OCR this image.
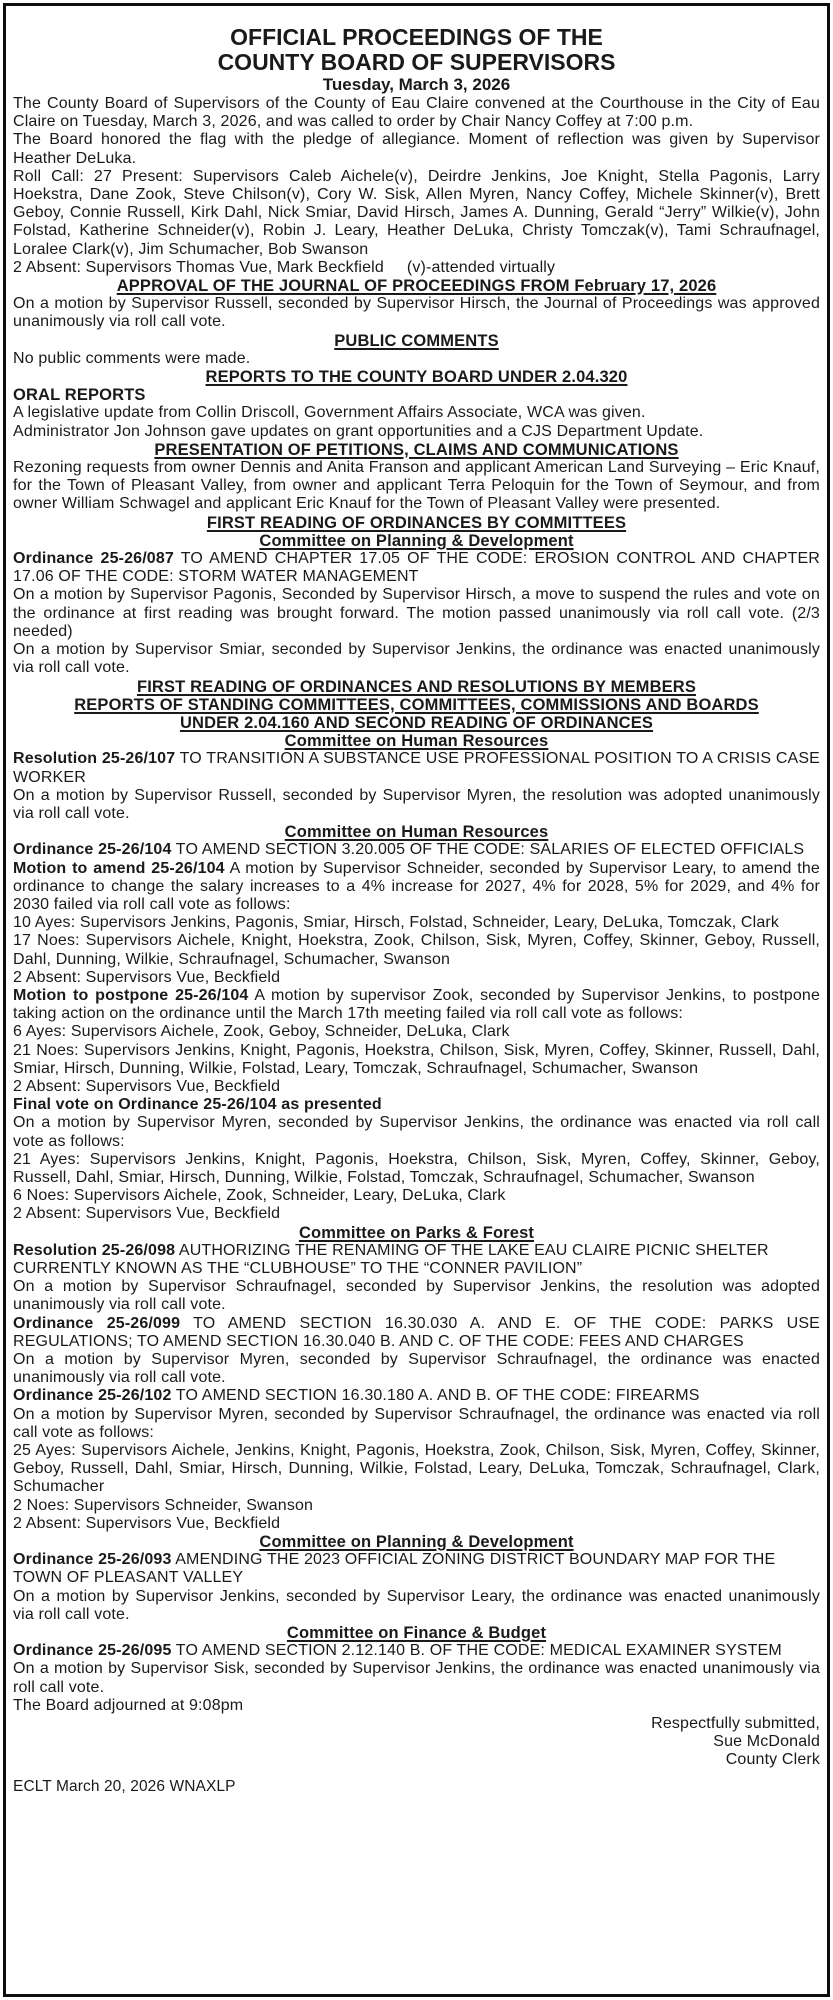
OFFICIAL PROCEEDINGS OF THE
COUNTY BOARD OF SUPERVISORS
Tuesday, March 3, 2026
The County Board of Supervisors of the County of Eau Claire convened at the Courthouse in the City of Eau Claire on Tuesday, March 3, 2026, and was called to order by Chair Nancy Coffey at 7:00 p.m.
The Board honored the flag with the pledge of allegiance. Moment of reflection was given by Supervisor Heather DeLuka.
Roll Call: 27 Present: Supervisors Caleb Aichele(v), Deirdre Jenkins, Joe Knight, Stella Pagonis, Larry Hoekstra, Dane Zook, Steve Chilson(v), Cory W. Sisk, Allen Myren, Nancy Coffey, Michele Skinner(v), Brett Geboy, Connie Russell, Kirk Dahl, Nick Smiar, David Hirsch, James A. Dunning, Gerald “Jerry” Wilkie(v), John Folstad, Katherine Schneider(v), Robin J. Leary, Heather DeLuka, Christy Tomczak(v), Tami Schraufnagel, Loralee Clark(v), Jim Schumacher, Bob Swanson
2 Absent: Supervisors Thomas Vue, Mark Beckfield     (v)-attended virtually
APPROVAL OF THE JOURNAL OF PROCEEDINGS FROM February 17, 2026
On a motion by Supervisor Russell, seconded by Supervisor Hirsch, the Journal of Proceedings was approved unanimously via roll call vote.
PUBLIC COMMENTS
No public comments were made.
REPORTS TO THE COUNTY BOARD UNDER 2.04.320
ORAL REPORTS
A legislative update from Collin Driscoll, Government Affairs Associate, WCA was given.
Administrator Jon Johnson gave updates on grant opportunities and a CJS Department Update.
PRESENTATION OF PETITIONS, CLAIMS AND COMMUNICATIONS
Rezoning requests from owner Dennis and Anita Franson and applicant American Land Surveying – Eric Knauf, for the Town of Pleasant Valley, from owner and applicant Terra Peloquin for the Town of Seymour, and from owner William Schwagel and applicant Eric Knauf for the Town of Pleasant Valley were presented.
FIRST READING OF ORDINANCES BY COMMITTEES
Committee on Planning & Development
Ordinance 25-26/087 TO AMEND CHAPTER 17.05 OF THE CODE: EROSION CONTROL AND CHAPTER 17.06 OF THE CODE: STORM WATER MANAGEMENT
On a motion by Supervisor Pagonis, Seconded by Supervisor Hirsch, a move to suspend the rules and vote on the ordinance at first reading was brought forward. The motion passed unanimously via roll call vote. (2/3 needed)
On a motion by Supervisor Smiar, seconded by Supervisor Jenkins, the ordinance was enacted unanimously via roll call vote.
FIRST READING OF ORDINANCES AND RESOLUTIONS BY MEMBERS
REPORTS OF STANDING COMMITTEES, COMMITTEES, COMMISSIONS AND BOARDS
UNDER 2.04.160 AND SECOND READING OF ORDINANCES
Committee on Human Resources
Resolution 25-26/107 TO TRANSITION A SUBSTANCE USE PROFESSIONAL POSITION TO A CRISIS CASE WORKER
On a motion by Supervisor Russell, seconded by Supervisor Myren, the resolution was adopted unanimously via roll call vote.
Committee on Human Resources
Ordinance 25-26/104 TO AMEND SECTION 3.20.005 OF THE CODE: SALARIES OF ELECTED OFFICIALS
Motion to amend 25-26/104 A motion by Supervisor Schneider, seconded by Supervisor Leary, to amend the ordinance to change the salary increases to a 4% increase for 2027, 4% for 2028, 5% for 2029, and 4% for 2030 failed via roll call vote as follows:
10 Ayes: Supervisors Jenkins, Pagonis, Smiar, Hirsch, Folstad, Schneider, Leary, DeLuka, Tomczak, Clark
17 Noes: Supervisors Aichele, Knight, Hoekstra, Zook, Chilson, Sisk, Myren, Coffey, Skinner, Geboy, Russell, Dahl, Dunning, Wilkie, Schraufnagel, Schumacher, Swanson
2 Absent: Supervisors Vue, Beckfield
Motion to postpone 25-26/104 A motion by supervisor Zook, seconded by Supervisor Jenkins, to postpone taking action on the ordinance until the March 17th meeting failed via roll call vote as follows:
6 Ayes: Supervisors Aichele, Zook, Geboy, Schneider, DeLuka, Clark
21 Noes: Supervisors Jenkins, Knight, Pagonis, Hoekstra, Chilson, Sisk, Myren, Coffey, Skinner, Russell, Dahl, Smiar, Hirsch, Dunning, Wilkie, Folstad, Leary, Tomczak, Schraufnagel, Schumacher, Swanson
2 Absent: Supervisors Vue, Beckfield
Final vote on Ordinance 25-26/104 as presented
On a motion by Supervisor Myren, seconded by Supervisor Jenkins, the ordinance was enacted via roll call vote as follows:
21 Ayes: Supervisors Jenkins, Knight, Pagonis, Hoekstra, Chilson, Sisk, Myren, Coffey, Skinner, Geboy, Russell, Dahl, Smiar, Hirsch, Dunning, Wilkie, Folstad, Tomczak, Schraufnagel, Schumacher, Swanson
6 Noes: Supervisors Aichele, Zook, Schneider, Leary, DeLuka, Clark
2 Absent: Supervisors Vue, Beckfield
Committee on Parks & Forest
Resolution 25-26/098 AUTHORIZING THE RENAMING OF THE LAKE EAU CLAIRE PICNIC SHELTER
CURRENTLY KNOWN AS THE “CLUBHOUSE” TO THE “CONNER PAVILION”
On a motion by Supervisor Schraufnagel, seconded by Supervisor Jenkins, the resolution was adopted unanimously via roll call vote.
Ordinance 25-26/099 TO AMEND SECTION 16.30.030 A. AND E. OF THE CODE: PARKS USE REGULATIONS; TO AMEND SECTION 16.30.040 B. AND C. OF THE CODE: FEES AND CHARGES
On a motion by Supervisor Myren, seconded by Supervisor Schraufnagel, the ordinance was enacted unanimously via roll call vote.
Ordinance 25-26/102 TO AMEND SECTION 16.30.180 A. AND B. OF THE CODE: FIREARMS
On a motion by Supervisor Myren, seconded by Supervisor Schraufnagel, the ordinance was enacted via roll call vote as follows:
25 Ayes: Supervisors Aichele, Jenkins, Knight, Pagonis, Hoekstra, Zook, Chilson, Sisk, Myren, Coffey, Skinner, Geboy, Russell, Dahl, Smiar, Hirsch, Dunning, Wilkie, Folstad, Leary, DeLuka, Tomczak, Schraufnagel, Clark, Schumacher
2 Noes: Supervisors Schneider, Swanson
2 Absent: Supervisors Vue, Beckfield
Committee on Planning & Development
Ordinance 25-26/093 AMENDING THE 2023 OFFICIAL ZONING DISTRICT BOUNDARY MAP FOR THE
TOWN OF PLEASANT VALLEY
On a motion by Supervisor Jenkins, seconded by Supervisor Leary, the ordinance was enacted unanimously via roll call vote.
Committee on Finance & Budget
Ordinance 25-26/095 TO AMEND SECTION 2.12.140 B. OF THE CODE: MEDICAL EXAMINER SYSTEM
On a motion by Supervisor Sisk, seconded by Supervisor Jenkins, the ordinance was enacted unanimously via roll call vote.
The Board adjourned at 9:08pm
Respectfully submitted,
Sue McDonald
County Clerk
ECLT March 20, 2026 WNAXLP
